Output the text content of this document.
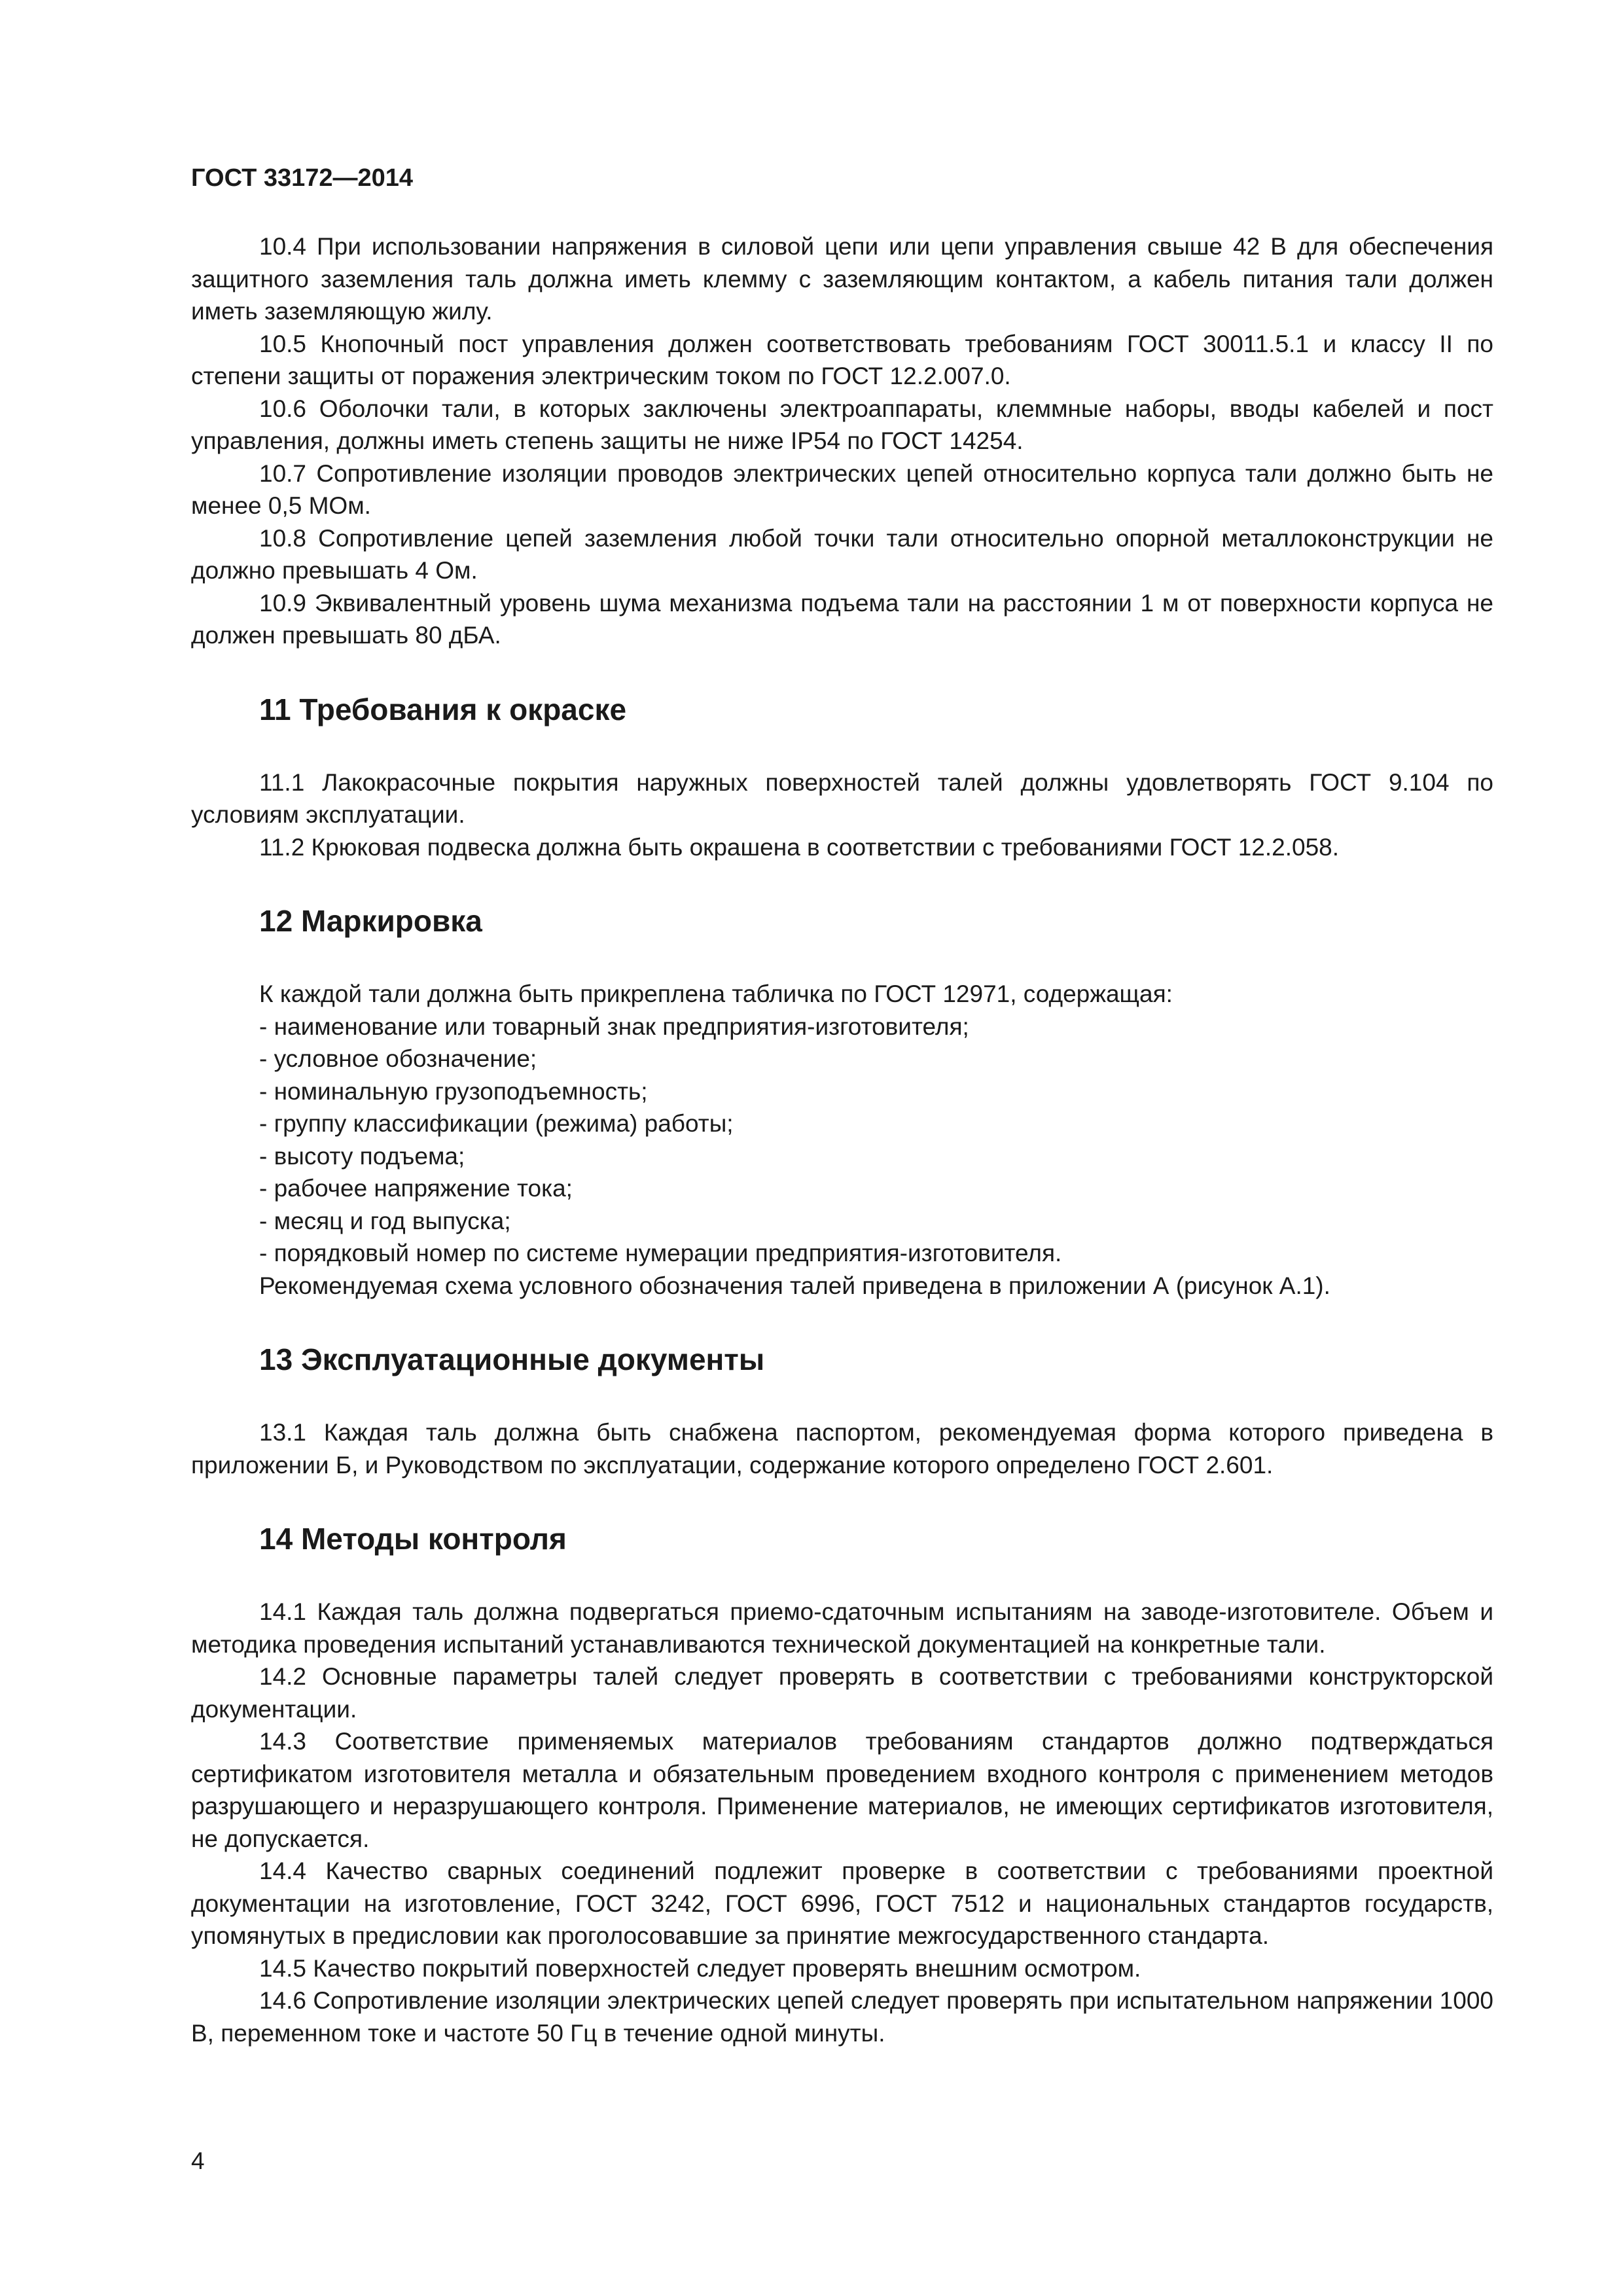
ГОСТ 33172—2014

10.4 При использовании напряжения в силовой цепи или цепи управления свыше 42 В для обеспечения защитного заземления таль должна иметь клемму с заземляющим контактом, а кабель питания тали должен иметь заземляющую жилу.

10.5 Кнопочный пост управления должен соответствовать требованиям ГОСТ 30011.5.1 и классу II по степени защиты от поражения электрическим током по ГОСТ 12.2.007.0.

10.6 Оболочки тали, в которых заключены электроаппараты, клеммные наборы, вводы кабелей и пост управления, должны иметь степень защиты не ниже IP54 по ГОСТ 14254.

10.7 Сопротивление изоляции проводов электрических цепей относительно корпуса тали должно быть не менее 0,5 МОм.

10.8 Сопротивление цепей заземления любой точки тали относительно опорной металлоконструкции не должно превышать 4 Ом.

10.9 Эквивалентный уровень шума механизма подъема тали на расстоянии 1 м от поверхности корпуса не должен превышать 80 дБА.

11 Требования к окраске

11.1 Лакокрасочные покрытия наружных поверхностей талей должны удовлетворять ГОСТ 9.104 по условиям эксплуатации.

11.2 Крюковая подвеска должна быть окрашена в соответствии с требованиями ГОСТ 12.2.058.

12 Маркировка

К каждой тали должна быть прикреплена табличка по ГОСТ 12971, содержащая:

- наименование или товарный знак предприятия-изготовителя;
- условное обозначение;
- номинальную грузоподъемность;
- группу классификации (режима) работы;
- высоту подъема;
- рабочее напряжение тока;
- месяц и год выпуска;
- порядковый номер по системе нумерации предприятия-изготовителя.

Рекомендуемая схема условного обозначения талей приведена в приложении А (рисунок А.1).

13 Эксплуатационные документы

13.1 Каждая таль должна быть снабжена паспортом, рекомендуемая форма которого приведена в приложении Б, и Руководством по эксплуатации, содержание которого определено ГОСТ 2.601.

14 Методы контроля

14.1 Каждая таль должна подвергаться приемо-сдаточным испытаниям на заводе-изготовителе. Объем и методика проведения испытаний устанавливаются технической документацией на конкретные тали.

14.2 Основные параметры талей следует проверять в соответствии с требованиями конструкторской документации.

14.3 Соответствие применяемых материалов требованиям стандартов должно подтверждаться сертификатом изготовителя металла и обязательным проведением входного контроля с применением методов разрушающего и неразрушающего контроля. Применение материалов, не имеющих сертификатов изготовителя, не допускается.

14.4 Качество сварных соединений подлежит проверке в соответствии с требованиями проектной документации на изготовление, ГОСТ 3242, ГОСТ 6996, ГОСТ 7512 и национальных стандартов государств, упомянутых в предисловии как проголосовавшие за принятие межгосударственного стандарта.

14.5 Качество покрытий поверхностей следует проверять внешним осмотром.

14.6 Сопротивление изоляции электрических цепей следует проверять при испытательном напряжении 1000 В, переменном токе и частоте 50 Гц в течение одной минуты.

4
